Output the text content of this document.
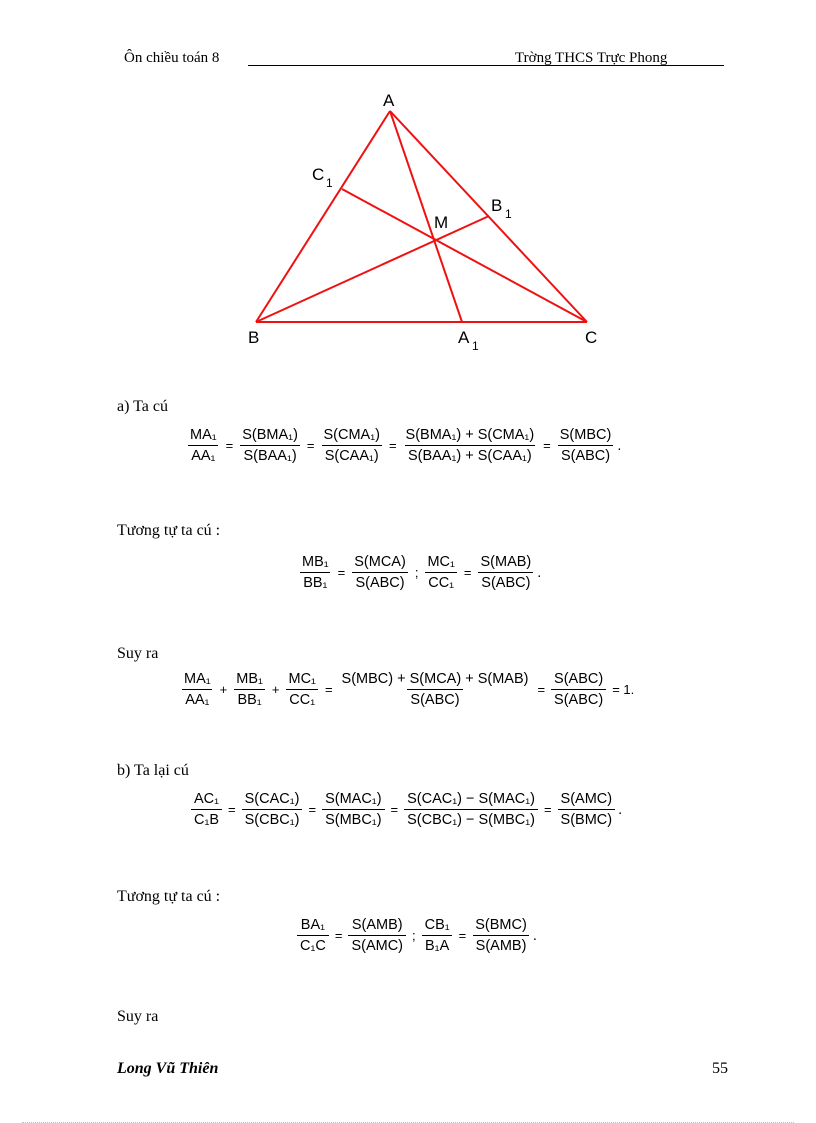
Ôn chiều toán 8	Trờng THCS Trực Phong
A
B	C
M
A 1
B 1
C 1
a) Ta cú
$\frac{\text{MA₁}}{\text{AA₁}} = \frac{\text{S(BMA₁)}}{\text{S(BAA₁)}} = \frac{\text{S(CMA₁)}}{\text{S(CAA₁)}} = \frac{\text{S(BMA₁) + S(CMA₁)}}{\text{S(BAA₁) + S(CAA₁)}} = \frac{\text{S(MBC)}}{\text{S(ABC)}}$ .
Tương tự ta cú :
$\frac{\text{MB₁}}{\text{BB₁}} = \frac{\text{S(MCA)}}{\text{S(ABC)}}$ ; $\frac{\text{MC₁}}{\text{CC₁}} = \frac{\text{S(MAB)}}{\text{S(ABC)}}$ .
Suy ra
$\frac{\text{MA₁}}{\text{AA₁}} + \frac{\text{MB₁}}{\text{BB₁}} + \frac{\text{MC₁}}{\text{CC₁}} = \frac{\text{S(MBC) + S(MCA) + S(MAB)}}{\text{S(ABC)}} = \frac{\text{S(ABC)}}{\text{S(ABC)}} = 1$.
b) Ta lại cú
$\frac{\text{AC₁}}{\text{C₁B}} = \frac{\text{S(CAC₁)}}{\text{S(CBC₁)}} = \frac{\text{S(MAC₁)}}{\text{S(MBC₁)}} = \frac{\text{S(CAC₁) − S(MAC₁)}}{\text{S(CBC₁) − S(MBC₁)}} = \frac{\text{S(AMC)}}{\text{S(BMC)}}$ .
Tương tự ta cú :
$\frac{\text{BA₁}}{\text{C₁C}} = \frac{\text{S(AMB)}}{\text{S(AMC)}}$ ; $\frac{\text{CB₁}}{\text{B₁A}} = \frac{\text{S(BMC)}}{\text{S(AMB)}}$ .
Suy ra
Long Vũ Thiên	55
